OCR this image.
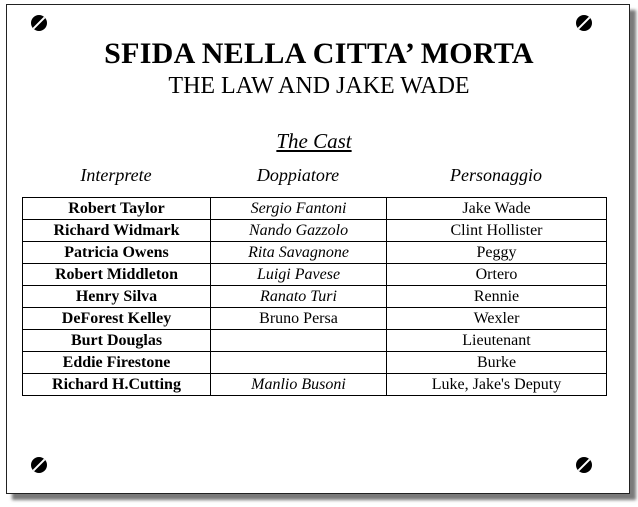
SFIDA NELLA CITTA’ MORTA
THE LAW AND JAKE WADE
The Cast
Interprete	Doppiatore	Personaggio
Robert Taylor	Sergio Fantoni	Jake Wade
Richard Widmark	Nando Gazzolo	Clint Hollister
Patricia Owens	Rita Savagnone	Peggy
Robert Middleton	Luigi Pavese	Ortero
Henry Silva	Ranato Turi	Rennie
DeForest Kelley	Bruno Persa	Wexler
Burt Douglas		Lieutenant
Eddie Firestone		Burke
Richard H.Cutting	Manlio Busoni	Luke, Jake's Deputy
